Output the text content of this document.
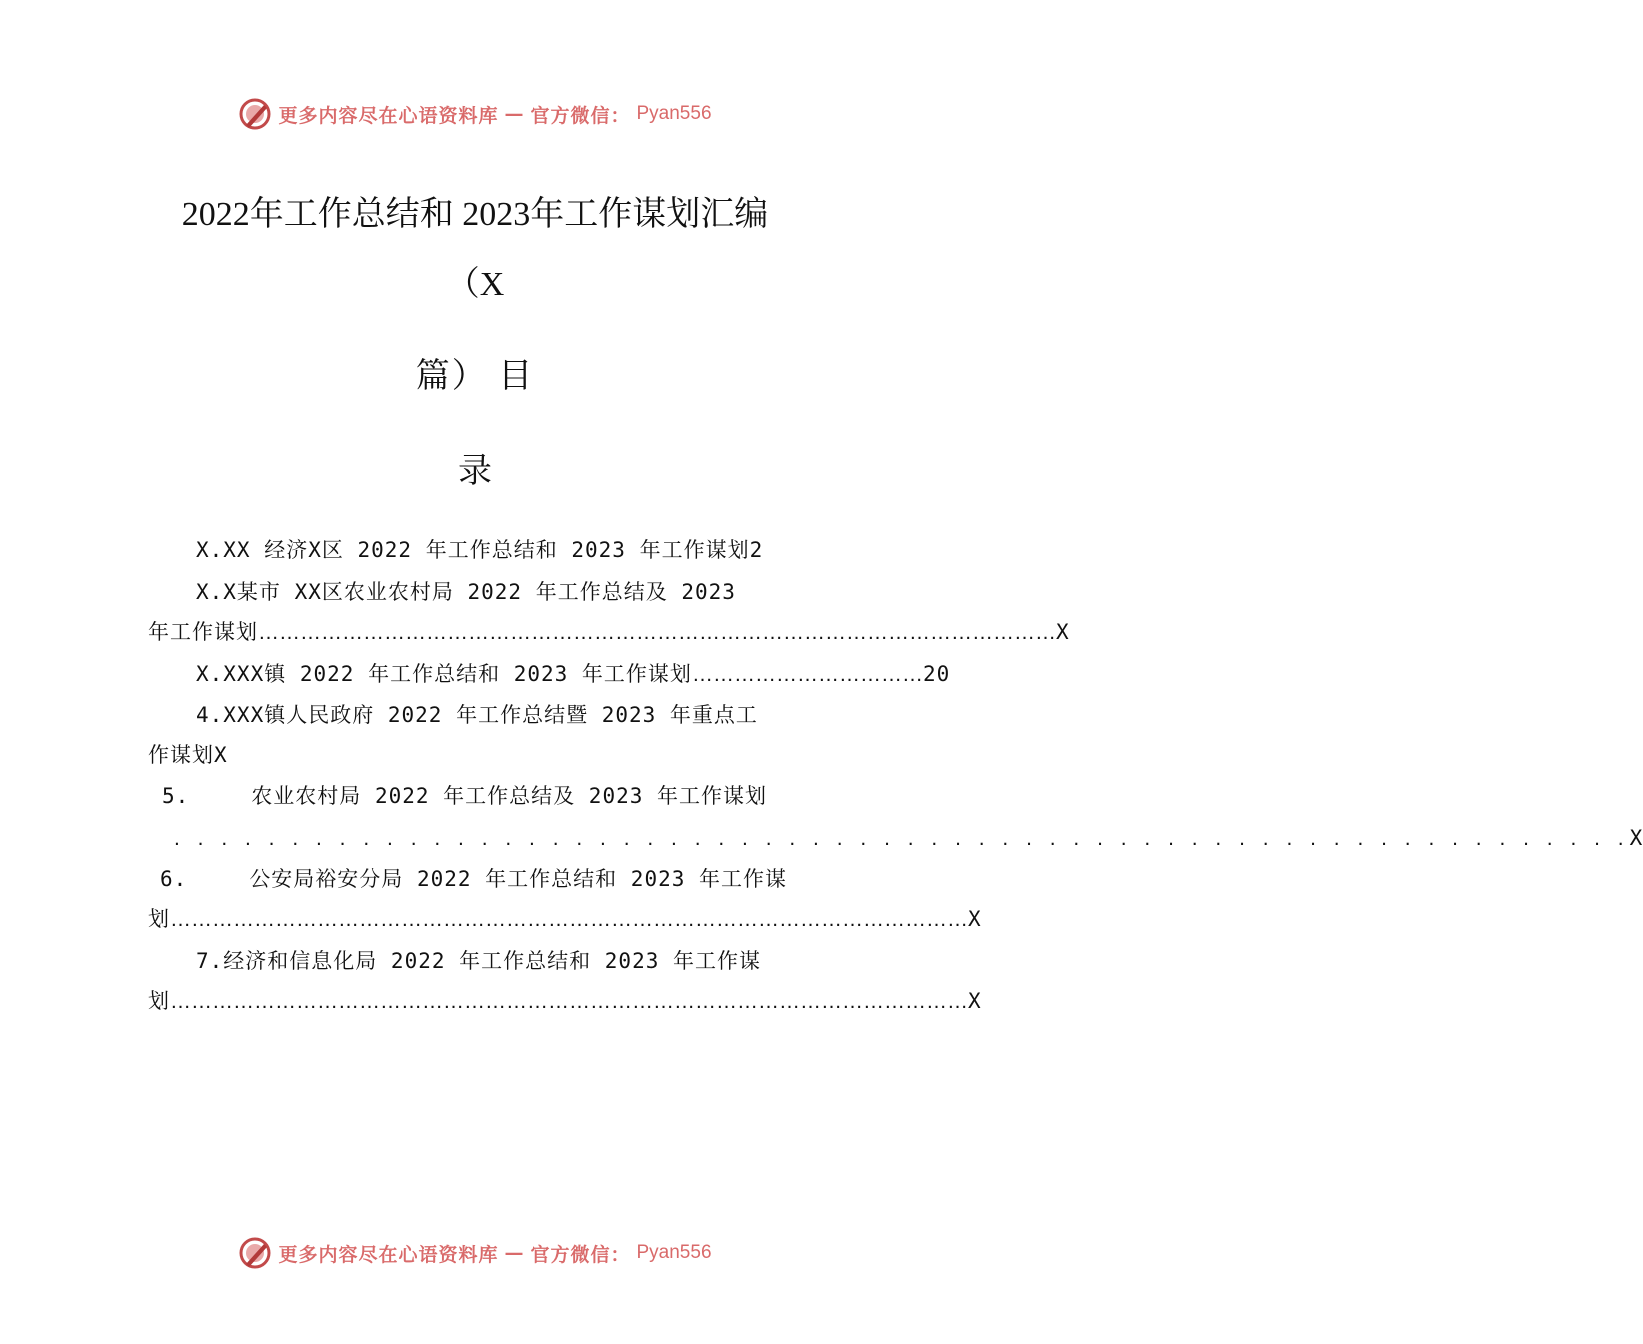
更多内容尽在心语资料库 — 官方微信： Pyan556
2022年工作总结和 2023年工作谋划汇编
（X
篇） 目
录
X.XX 经济X区 2022 年工作总结和 2023 年工作谋划2
X.X某市 XX区农业农村局 2022 年工作总结及 2023
年工作谋划 …………………………………………………………………………………………………… X
X.XXX镇 2022 年工作总结和 2023 年工作谋划 …………………………… 20
4.XXX镇人民政府 2022 年工作总结暨 2023 年重点工
作谋划X
5.	农业农村局 2022 年工作总结及 2023 年工作谋划
. . . . . . . . . . . . . . . . . . . . . . . . . . . . . . . . . . . . . . . . . . . . . . . . . . . . . . . . . . . . . . X
6.	公安局裕安分局 2022 年工作总结和 2023 年工作谋
划 …………………………………………………………………………………………………… X
7.经济和信息化局 2022 年工作总结和 2023 年工作谋
划 …………………………………………………………………………………………………… X
更多内容尽在心语资料库 — 官方微信： Pyan556
